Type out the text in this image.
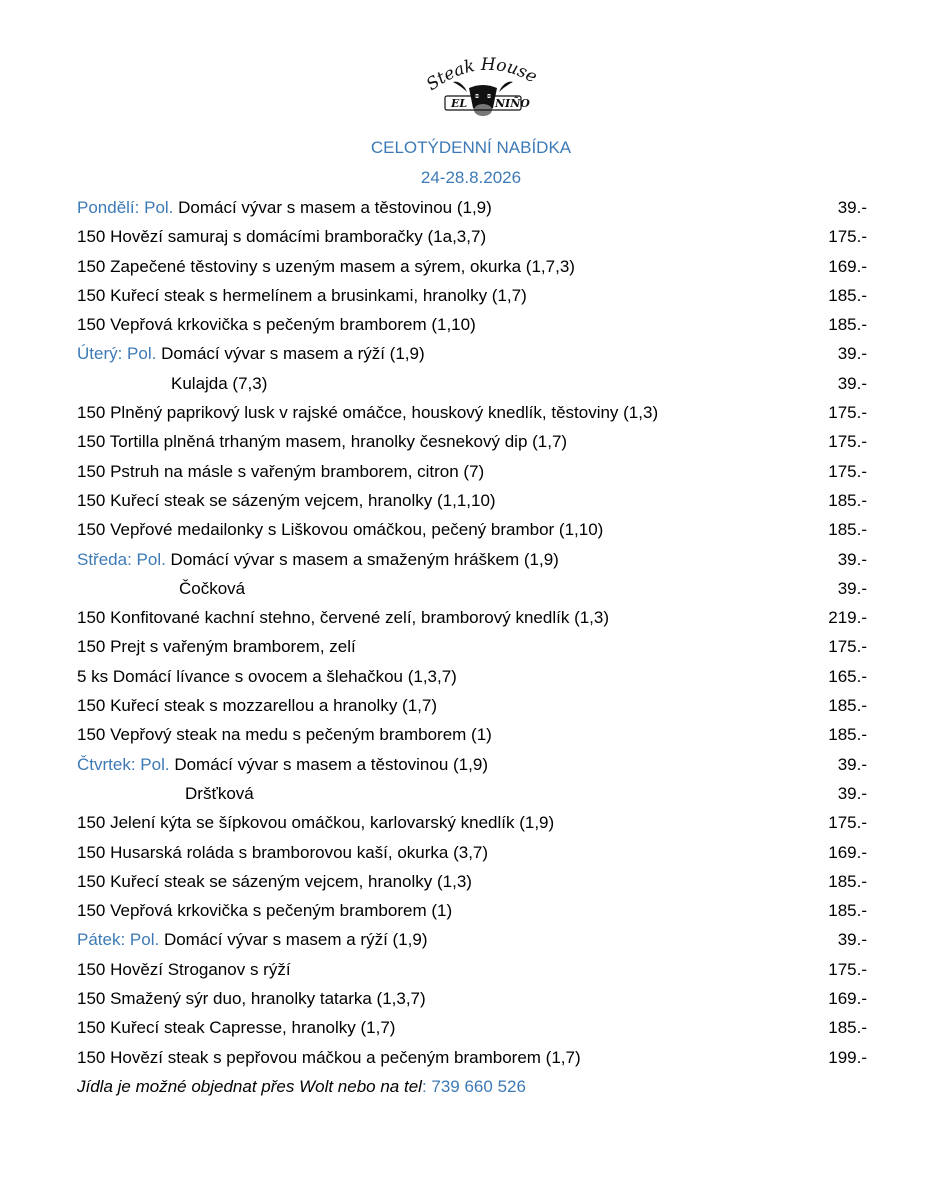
Steak House
EL	NIÑO
CELOTÝDENNÍ NABÍDKA
24-28.8.2026
Pondělí: Pol. Domácí vývar s masem a těstovinou (1,9)	39.-
150 Hovězí samuraj s domácími bramboračky (1a,3,7)	175.-
150 Zapečené těstoviny s uzeným masem a sýrem, okurka (1,7,3)	169.-
150 Kuřecí steak s hermelínem a brusinkami, hranolky (1,7)	185.-
150 Vepřová krkovička s pečeným bramborem (1,10)	185.-
Úterý: Pol. Domácí vývar s masem a rýží (1,9)	39.-
Kulajda (7,3)	39.-
150 Plněný paprikový lusk v rajské omáčce, houskový knedlík, těstoviny (1,3)	175.-
150 Tortilla plněná trhaným masem, hranolky česnekový dip (1,7)	175.-
150 Pstruh na másle s vařeným bramborem, citron (7)	175.-
150 Kuřecí steak se sázeným vejcem, hranolky (1,1,10)	185.-
150 Vepřové medailonky s Liškovou omáčkou, pečený brambor (1,10)	185.-
Středa: Pol. Domácí vývar s masem a smaženým hráškem (1,9)	39.-
Čočková	39.-
150 Konfitované kachní stehno, červené zelí, bramborový knedlík (1,3)	219.-
150 Prejt s vařeným bramborem, zelí	175.-
5 ks Domácí lívance s ovocem a šlehačkou (1,3,7)	165.-
150 Kuřecí steak s mozzarellou a hranolky (1,7)	185.-
150 Vepřový steak na medu s pečeným bramborem (1)	185.-
Čtvrtek: Pol. Domácí vývar s masem a těstovinou (1,9)	39.-
Dršťková	39.-
150 Jelení kýta se šípkovou omáčkou, karlovarský knedlík (1,9)	175.-
150 Husarská roláda s bramborovou kaší, okurka (3,7)	169.-
150 Kuřecí steak se sázeným vejcem, hranolky (1,3)	185.-
150 Vepřová krkovička s pečeným bramborem (1)	185.-
Pátek: Pol. Domácí vývar s masem a rýží (1,9)	39.-
150 Hovězí Stroganov s rýží	175.-
150 Smažený sýr duo, hranolky tatarka (1,3,7)	169.-
150 Kuřecí steak Capresse, hranolky (1,7)	185.-
150 Hovězí steak s pepřovou máčkou a pečeným bramborem (1,7)	199.-
Jídla je možné objednat přes Wolt nebo na tel: 739 660 526
